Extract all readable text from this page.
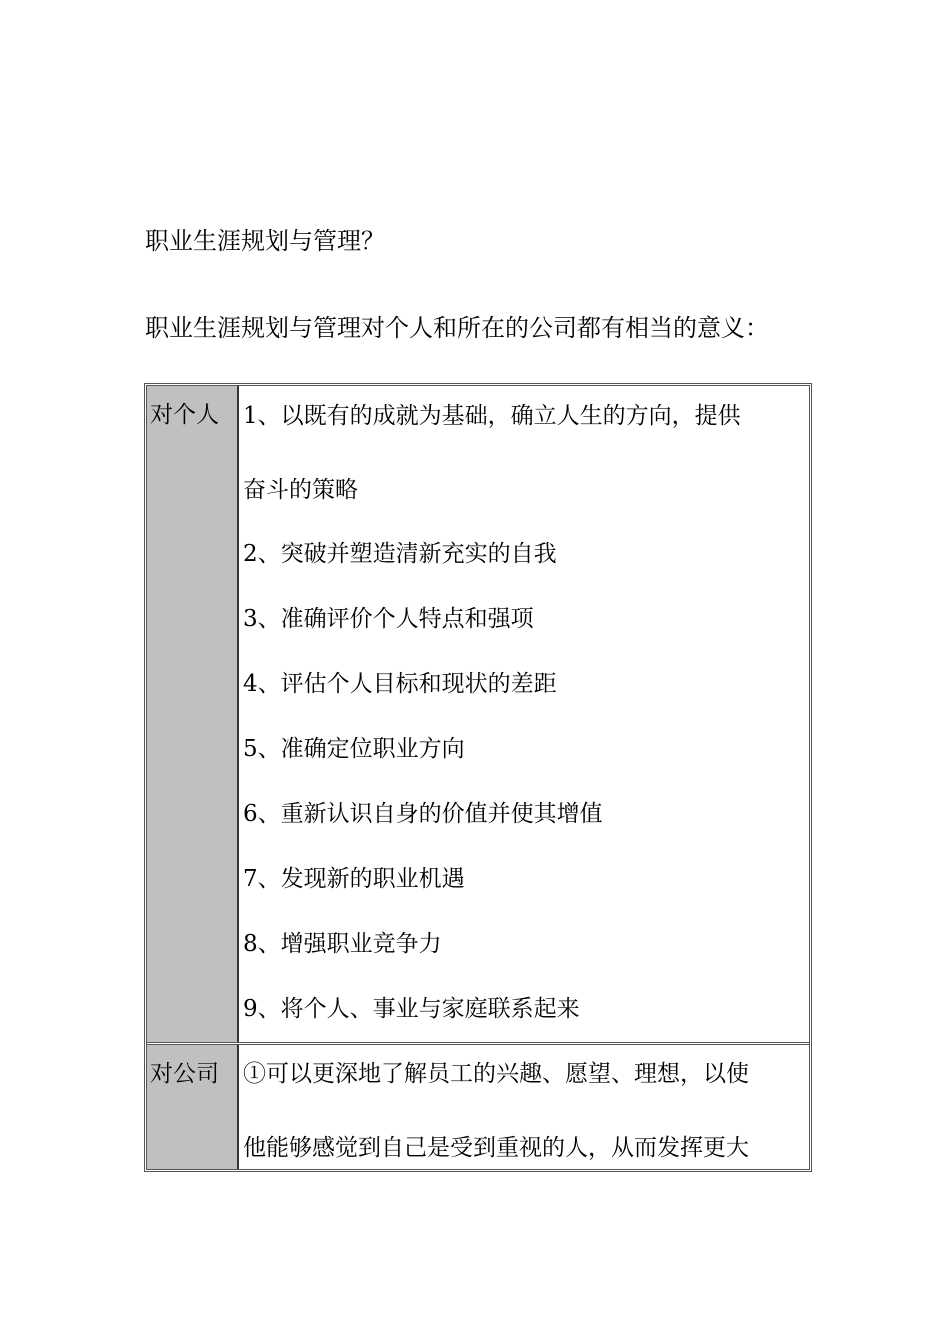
职业生涯规划与管理？

职业生涯规划与管理对个人和所在的公司都有相当的意义：

对个人 1、以既有的成就为基础，确立人生的方向，提供
奋斗的策略
2、突破并塑造清新充实的自我
3、准确评价个人特点和强项
4、评估个人目标和现状的差距
5、准确定位职业方向
6、重新认识自身的价值并使其增值
7、发现新的职业机遇
8、增强职业竞争力
9、将个人、事业与家庭联系起来
对公司 ①可以更深地了解员工的兴趣、愿望、理想，以使
他能够感觉到自己是受到重视的人，从而发挥更大
